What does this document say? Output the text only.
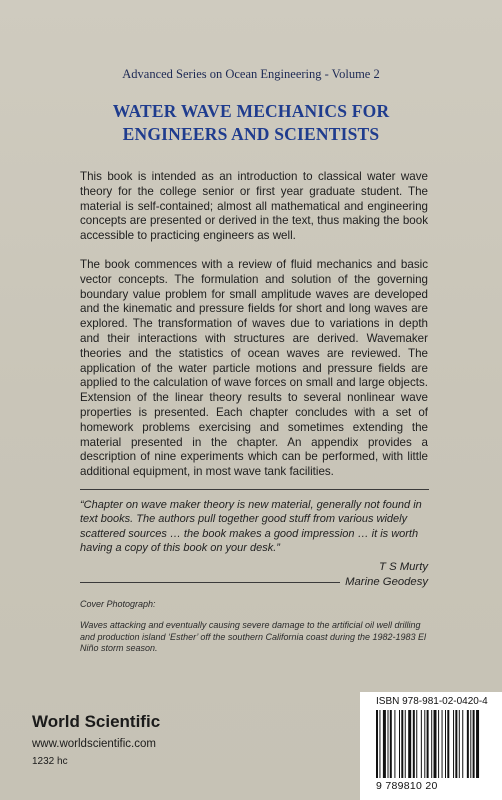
Advanced Series on Ocean Engineering - Volume 2
WATER WAVE MECHANICS FOR
ENGINEERS AND SCIENTISTS

This book is intended as an introduction to classical water wave theory for the college senior or first year graduate student. The material is self-contained; almost all mathematical and engineering concepts are presented or derived in the text, thus making the book accessible to practicing engineers as well.

The book commences with a review of fluid mechanics and basic vector concepts. The formulation and solution of the governing boundary value problem for small amplitude waves are developed and the kinematic and pressure fields for short and long waves are explored. The transformation of waves due to variations in depth and their interactions with structures are derived. Wavemaker theories and the statistics of ocean waves are reviewed. The application of the water particle motions and pressure fields are applied to the calculation of wave forces on small and large objects. Extension of the linear theory results to several nonlinear wave properties is presented. Each chapter concludes with a set of homework problems exercising and sometimes extending the material presented in the chapter. An appendix provides a description of nine experiments which can be performed, with little additional equipment, in most wave tank facilities.

“Chapter on wave maker theory is new material, generally not found in text books. The authors pull together good stuff from various widely scattered sources … the book makes a good impression … it is worth having a copy of this book on your desk.”

T S Murty
Marine Geodesy
Cover Photograph:

Waves attacking and eventually causing severe damage to the artificial oil well drilling and production island ‘Esther’ off the southern California coast during the 1982-1983 El Niño storm season.

World Scientific
www.worldscientific.com
1232 hc
ISBN 978-981-02-0420-4
9 789810 20
